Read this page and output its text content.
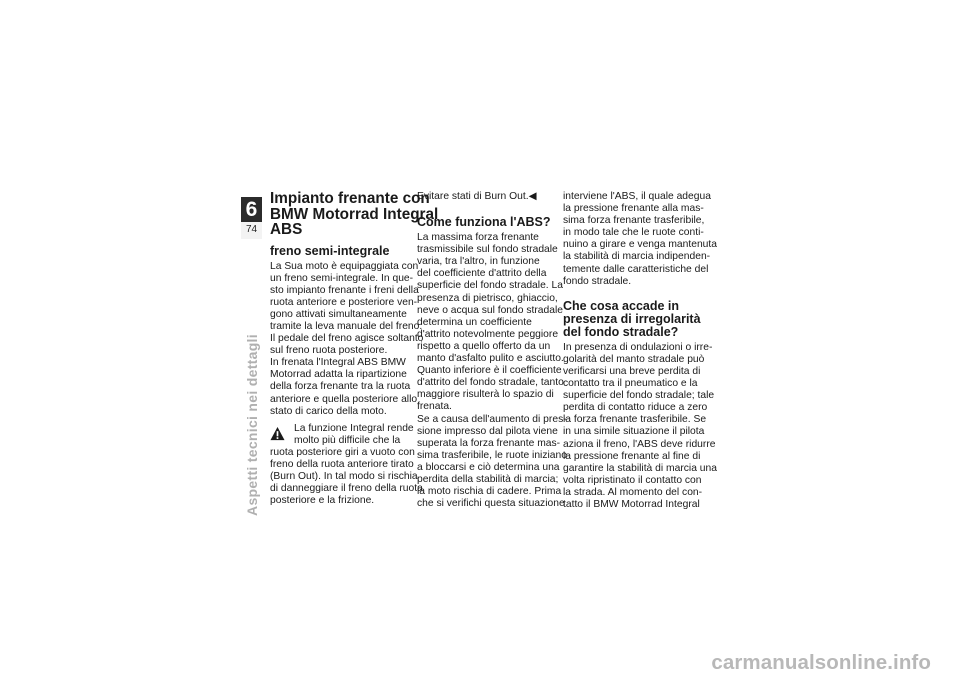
6
74
Aspetti tecnici nei dettagli
Impianto frenante con
BMW Motorrad Integral
ABS
freno semi-integrale
La Sua moto è equipaggiata con
un freno semi-integrale. In que-
sto impianto frenante i freni della
ruota anteriore e posteriore ven-
gono attivati simultaneamente
tramite la leva manuale del freno.
Il pedale del freno agisce soltanto
sul freno ruota posteriore.
In frenata l'Integral ABS BMW
Motorrad adatta la ripartizione
della forza frenante tra la ruota
anteriore e quella posteriore allo
stato di carico della moto.
La funzione Integral rende
molto più difficile che la
ruota posteriore giri a vuoto con
freno della ruota anteriore tirato
(Burn Out). In tal modo si rischia
di danneggiare il freno della ruota
posteriore e la frizione.
Evitare stati di Burn Out.◀
Come funziona l'ABS?
La massima forza frenante
trasmissibile sul fondo stradale
varia, tra l'altro, in funzione
del coefficiente d'attrito della
superficie del fondo stradale. La
presenza di pietrisco, ghiaccio,
neve o acqua sul fondo stradale
determina un coefficiente
d'attrito notevolmente peggiore
rispetto a quello offerto da un
manto d'asfalto pulito e asciutto.
Quanto inferiore è il coefficiente
d'attrito del fondo stradale, tanto
maggiore risulterà lo spazio di
frenata.
Se a causa dell'aumento di pres-
sione impresso dal pilota viene
superata la forza frenante mas-
sima trasferibile, le ruote iniziano
a bloccarsi e ciò determina una
perdita della stabilità di marcia;
la moto rischia di cadere. Prima
che si verifichi questa situazione
interviene l'ABS, il quale adegua
la pressione frenante alla mas-
sima forza frenante trasferibile,
in modo tale che le ruote conti-
nuino a girare e venga mantenuta
la stabilità di marcia indipenden-
temente dalle caratteristiche del
fondo stradale.
Che cosa accade in
presenza di irregolarità
del fondo stradale?
In presenza di ondulazioni o irre-
golarità del manto stradale può
verificarsi una breve perdita di
contatto tra il pneumatico e la
superficie del fondo stradale; tale
perdita di contatto riduce a zero
la forza frenante trasferibile. Se
in una simile situazione il pilota
aziona il freno, l'ABS deve ridurre
la pressione frenante al fine di
garantire la stabilità di marcia una
volta ripristinato il contatto con
la strada. Al momento del con-
tatto il BMW Motorrad Integral
carmanualsonline.info
